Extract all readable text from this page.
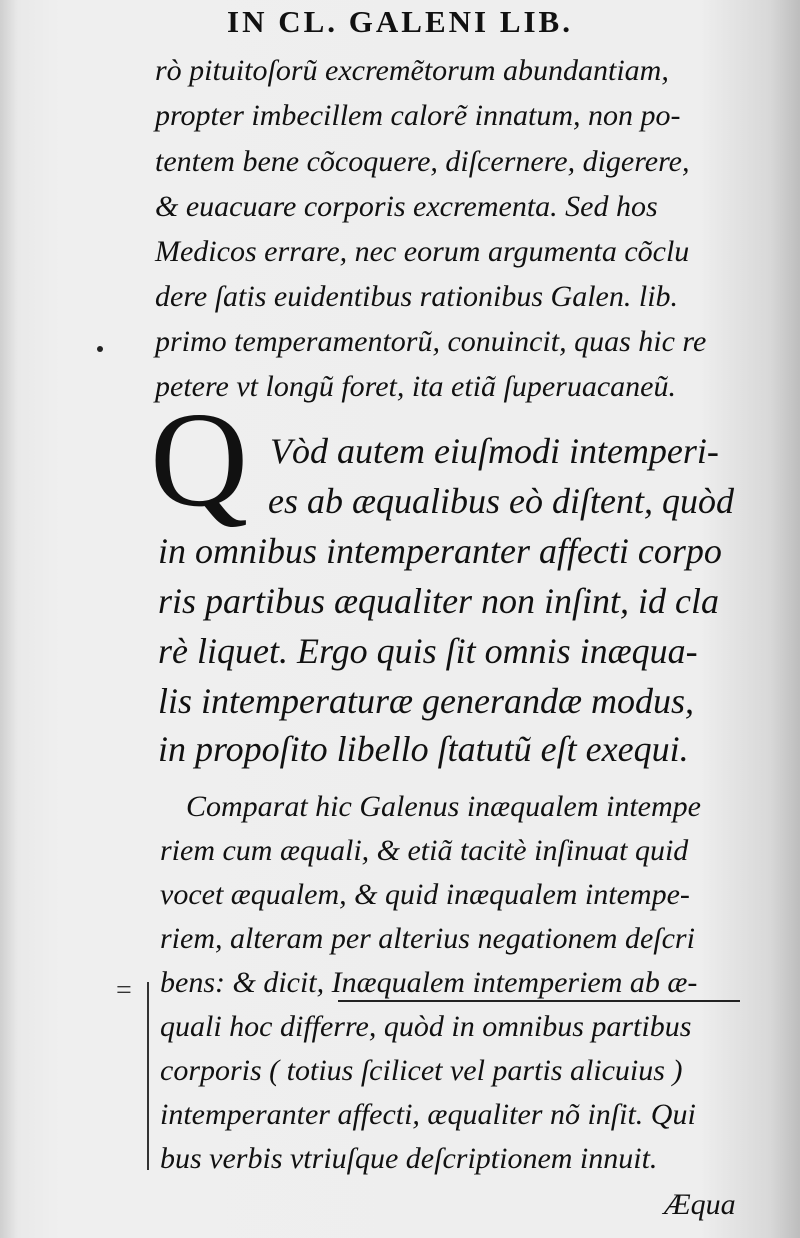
IN CL. GALENI LIB.
rò pituitoſorũ excremẽtorum abundantiam,
propter imbecillem calorẽ innatum, non po-
tentem bene cõcoquere, diſcernere, digerere,
& euacuare corporis excrementa. Sed hos
Medicos errare, nec eorum argumenta cõclu
dere ſatis euidentibus rationibus Galen. lib.
primo temperamentorũ, conuincit, quas hic re
petere vt longũ foret, ita etiã ſuperuacaneũ.
Q Vòd autem eiuſmodi intemperi-
es ab æqualibus eò diſtent, quòd
in omnibus intemperanter affecti corpo
ris partibus æqualiter non inſint, id cla
rè liquet. Ergo quis ſit omnis inæqua-
lis intemperaturæ generandæ modus,
in propoſito libello ſtatutũ eſt exequi.
Comparat hic Galenus inæqualem intempe
riem cum æquali, & etiã tacitè inſinuat quid
vocet æqualem, & quid inæqualem intempe-
riem, alteram per alterius negationem deſcri
bens: & dicit, Inæqualem intemperiem ab æ-
quali hoc differre, quòd in omnibus partibus
corporis ( totius ſcilicet vel partis alicuius )
intemperanter affecti, æqualiter nõ inſit. Qui
bus verbis vtriuſque deſcriptionem innuit.
=
Æqua
